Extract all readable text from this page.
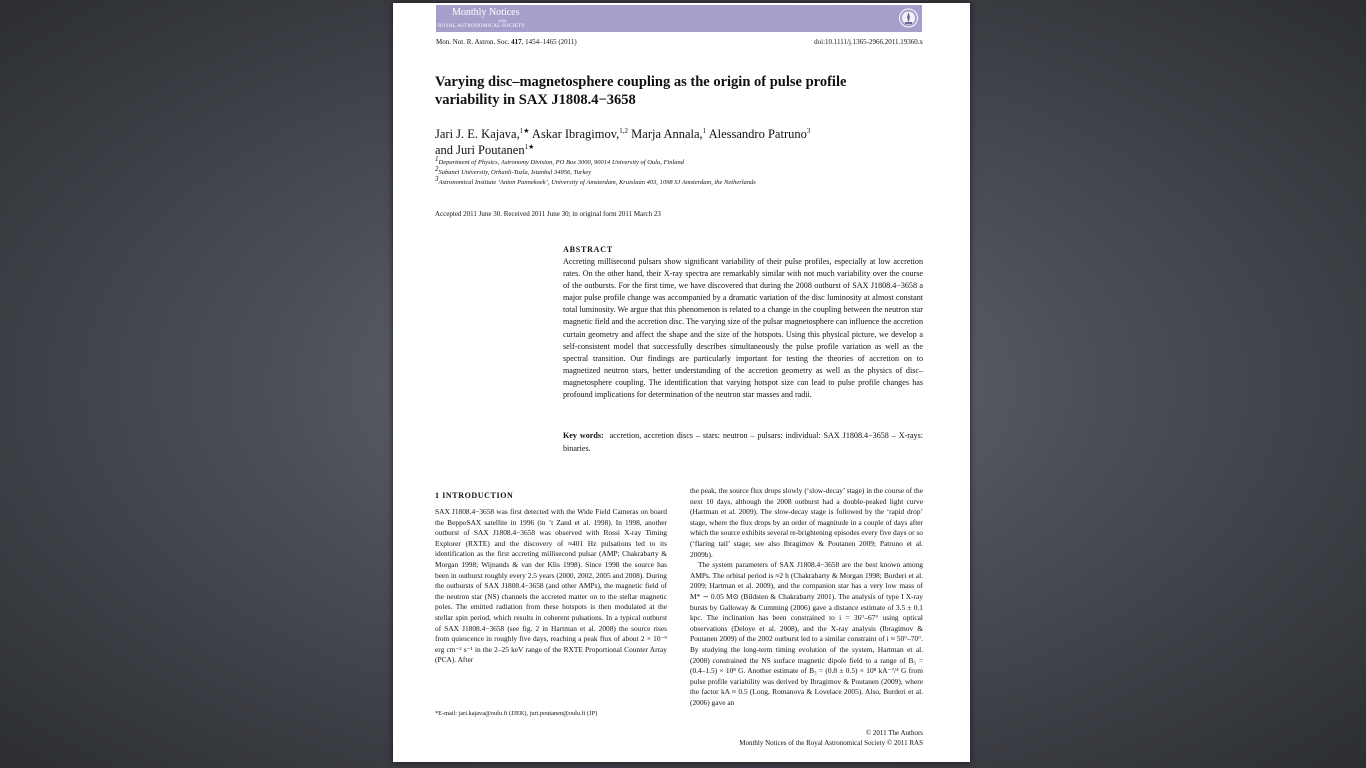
Monthly Notices
of the
ROYAL ASTRONOMICAL SOCIETY
Mon. Not. R. Astron. Soc. 417, 1454–1465 (2011)	doi:10.1111/j.1365-2966.2011.19360.x
Varying disc–magnetosphere coupling as the origin of pulse profile variability in SAX J1808.4−3658
Jari J. E. Kajava,$^{1★}$ Askar Ibragimov,$^{1,2}$ Marja Annala,$^1$ Alessandro Patruno$^3$
and Juri Poutanen$^{1★}$
$^1$Department of Physics, Astronomy Division, PO Box 3000, 90014 University of Oulu, Finland
$^2$Sabanci University, Orhanli-Tuzla, Istanbul 34956, Turkey
$^3$Astronomical Institute ‘Anton Pannekoek’, University of Amsterdam, Kruislaan 403, 1098 SJ Amsterdam, the Netherlands
Accepted 2011 June 30. Received 2011 June 30; in original form 2011 March 23
ABSTRACT
Accreting millisecond pulsars show significant variability of their pulse profiles, especially at low accretion rates. On the other hand, their X-ray spectra are remarkably similar with not much variability over the course of the outbursts. For the first time, we have discovered that during the 2008 outburst of SAX J1808.4−3658 a major pulse profile change was accompanied by a dramatic variation of the disc luminosity at almost constant total luminosity. We argue that this phenomenon is related to a change in the coupling between the neutron star magnetic field and the accretion disc. The varying size of the pulsar magnetosphere can influence the accretion curtain geometry and affect the shape and the size of the hotspots. Using this physical picture, we develop a self-consistent model that successfully describes simultaneously the pulse profile variation as well as the spectral transition. Our findings are particularly important for testing the theories of accretion on to magnetized neutron stars, better understanding of the accretion geometry as well as the physics of disc–magnetosphere coupling. The identification that varying hotspot size can lead to pulse profile changes has profound implications for determination of the neutron star masses and radii.
Key words: accretion, accretion discs – stars: neutron – pulsars: individual: SAX J1808.4−3658 – X-rays: binaries.
1 INTRODUCTION
SAX J1808.4−3658 was first detected with the Wide Field Cameras on board the BeppoSAX satellite in 1996 (in ’t Zand et al. 1998). In 1998, another outburst of SAX J1808.4−3658 was observed with Rossi X-ray Timing Explorer (RXTE) and the discovery of ≈401 Hz pulsations led to its identification as the first accreting millisecond pulsar (AMP; Chakrabarty & Morgan 1998; Wijnands & van der Klis 1998). Since 1998 the source has been in outburst roughly every 2.5 years (2000, 2002, 2005 and 2008). During the outbursts of SAX J1808.4−3658 (and other AMPs), the magnetic field of the neutron star (NS) channels the accreted matter on to the stellar magnetic poles. The emitted radiation from these hotspots is then modulated at the stellar spin period, which results in coherent pulsations. In a typical outburst of SAX J1808.4−3658 (see fig. 2 in Hartman et al. 2008) the source rises from quiescence in roughly five days, reaching a peak flux of about 2 × 10⁻⁹ erg cm⁻² s⁻¹ in the 2–25 keV range of the RXTE Proportional Counter Array (PCA). After

the peak, the source flux drops slowly (‘slow-decay’ stage) in the course of the next 10 days, although the 2008 outburst had a double-peaked light curve (Hartman et al. 2009). The slow-decay stage is followed by the ‘rapid drop’ stage, where the flux drops by an order of magnitude in a couple of days after which the source exhibits several re-brightening episodes every five days or so (‘flaring tail’ stage; see also Ibragimov & Poutanen 2009; Patruno et al. 2009b).

The system parameters of SAX J1808.4−3658 are the best known among AMPs. The orbital period is ≈2 h (Chakrabarty & Morgan 1998; Burderi et al. 2009; Hartman et al. 2009), and the companion star has a very low mass of M* ∼ 0.05 M⊙ (Bildsten & Chakrabarty 2001). The analysis of type I X-ray bursts by Galloway & Cumming (2006) gave a distance estimate of 3.5 ± 0.1 kpc. The inclination has been constrained to i = 36°–67° using optical observations (Deloye et al. 2008), and the X-ray analysis (Ibragimov & Poutanen 2009) of the 2002 outburst led to a similar constraint of i ≈ 50°–70°. By studying the long-term timing evolution of the system, Hartman et al. (2008) constrained the NS surface magnetic dipole field to a range of B₅ = (0.4–1.5) × 10⁸ G. Another estimate of B₅ = (0.8 ± 0.5) × 10⁸ kA⁻⁷/⁴ G from pulse profile variability was derived by Ibragimov & Poutanen (2009), where the factor kA ≈ 0.5 (Long, Romanova & Lovelace 2005). Also, Burderi et al. (2006) gave an

*E-mail: jari.kajava@oulu.fi (JJEK), juri.poutanen@oulu.fi (JP)
© 2011 The Authors
Monthly Notices of the Royal Astronomical Society © 2011 RAS
